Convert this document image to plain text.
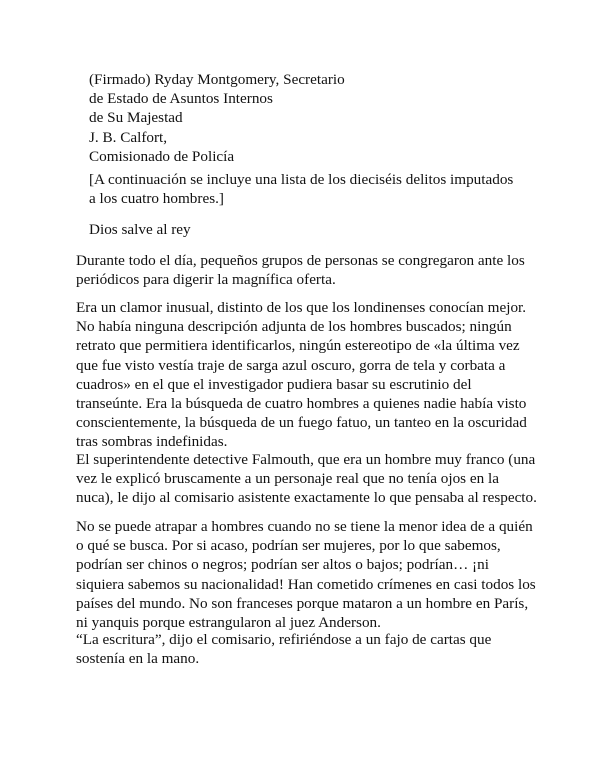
(Firmado) Ryday Montgomery, Secretario
de Estado de Asuntos Internos
de Su Majestad
J. B. Calfort,
Comisionado de Policía
[A continuación se incluye una lista de los dieciséis delitos imputados
a los cuatro hombres.]
Dios salve al rey
Durante todo el día, pequeños grupos de personas se congregaron ante los
periódicos para digerir la magnífica oferta.
Era un clamor inusual, distinto de los que los londinenses conocían mejor.
No había ninguna descripción adjunta de los hombres buscados; ningún
retrato que permitiera identificarlos, ningún estereotipo de «la última vez
que fue visto vestía traje de sarga azul oscuro, gorra de tela y corbata a
cuadros» en el que el investigador pudiera basar su escrutinio del
transeúnte. Era la búsqueda de cuatro hombres a quienes nadie había visto
conscientemente, la búsqueda de un fuego fatuo, un tanteo en la oscuridad
tras sombras indefinidas.
El superintendente detective Falmouth, que era un hombre muy franco (una
vez le explicó bruscamente a un personaje real que no tenía ojos en la
nuca), le dijo al comisario asistente exactamente lo que pensaba al respecto.
No se puede atrapar a hombres cuando no se tiene la menor idea de a quién
o qué se busca. Por si acaso, podrían ser mujeres, por lo que sabemos,
podrían ser chinos o negros; podrían ser altos o bajos; podrían… ¡ni
siquiera sabemos su nacionalidad! Han cometido crímenes en casi todos los
países del mundo. No son franceses porque mataron a un hombre en París,
ni yanquis porque estrangularon al juez Anderson.
“La escritura”, dijo el comisario, refiriéndose a un fajo de cartas que
sostenía en la mano.
